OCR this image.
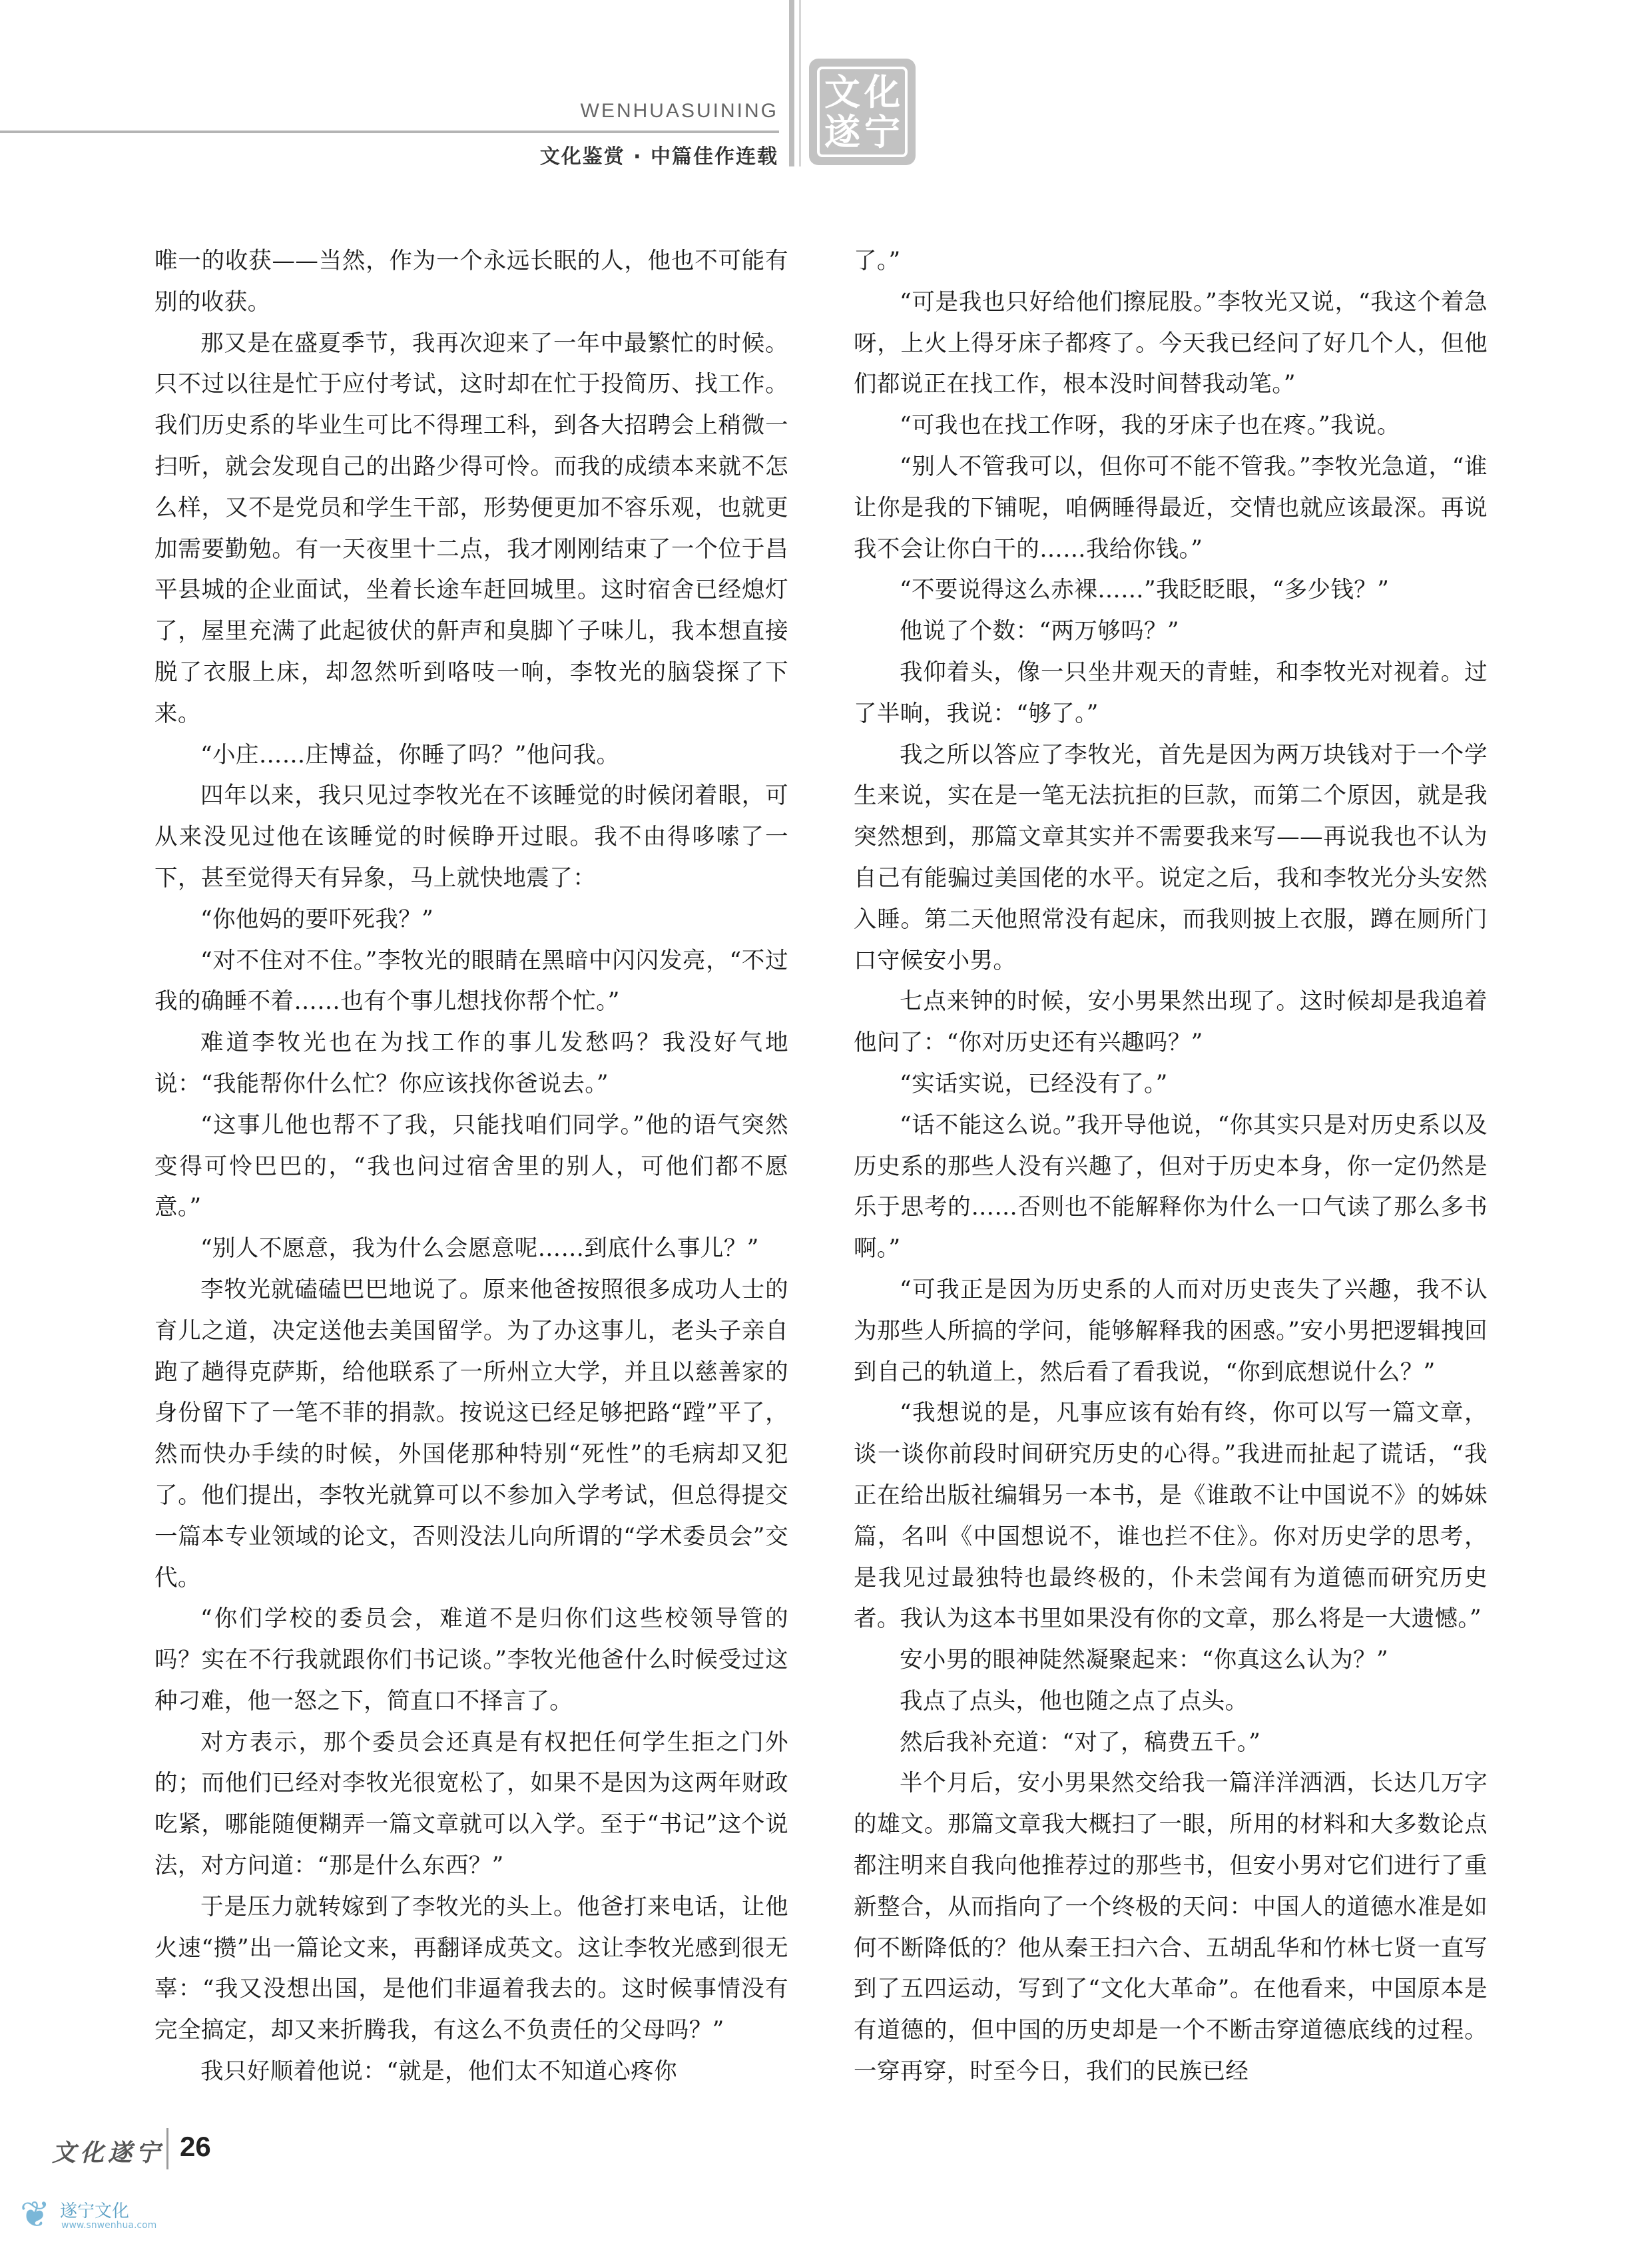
WENHUASUINING
文化鉴赏 · 中篇佳作连载
文 化
遂 宁

唯一的收获——当然，作为一个永远长眠的人，他也不可能有别的收获。

那又是在盛夏季节，我再次迎来了一年中最繁忙的时候。只不过以往是忙于应付考试，这时却在忙于投简历、找工作。我们历史系的毕业生可比不得理工科，到各大招聘会上稍微一扫听，就会发现自己的出路少得可怜。而我的成绩本来就不怎么样，又不是党员和学生干部，形势便更加不容乐观，也就更加需要勤勉。有一天夜里十二点，我才刚刚结束了一个位于昌平县城的企业面试，坐着长途车赶回城里。这时宿舍已经熄灯了，屋里充满了此起彼伏的鼾声和臭脚丫子味儿，我本想直接脱了衣服上床，却忽然听到咯吱一响，李牧光的脑袋探了下来。

“小庄……庄博益，你睡了吗？”他问我。

四年以来，我只见过李牧光在不该睡觉的时候闭着眼，可从来没见过他在该睡觉的时候睁开过眼。我不由得哆嗦了一下，甚至觉得天有异象，马上就快地震了：

“你他妈的要吓死我？”

“对不住对不住。”李牧光的眼睛在黑暗中闪闪发亮，“不过我的确睡不着……也有个事儿想找你帮个忙。”

难道李牧光也在为找工作的事儿发愁吗？我没好气地说：“我能帮你什么忙？你应该找你爸说去。”

“这事儿他也帮不了我，只能找咱们同学。”他的语气突然变得可怜巴巴的，“我也问过宿舍里的别人，可他们都不愿意。”

“别人不愿意，我为什么会愿意呢……到底什么事儿？”

李牧光就磕磕巴巴地说了。原来他爸按照很多成功人士的育儿之道，决定送他去美国留学。为了办这事儿，老头子亲自跑了趟得克萨斯，给他联系了一所州立大学，并且以慈善家的身份留下了一笔不菲的捐款。按说这已经足够把路“蹚”平了，然而快办手续的时候，外国佬那种特别“死性”的毛病却又犯了。他们提出，李牧光就算可以不参加入学考试，但总得提交一篇本专业领域的论文，否则没法儿向所谓的“学术委员会”交代。

“你们学校的委员会，难道不是归你们这些校领导管的吗？实在不行我就跟你们书记谈。”李牧光他爸什么时候受过这种刁难，他一怒之下，简直口不择言了。

对方表示，那个委员会还真是有权把任何学生拒之门外的；而他们已经对李牧光很宽松了，如果不是因为这两年财政吃紧，哪能随便糊弄一篇文章就可以入学。至于“书记”这个说法，对方问道：“那是什么东西？”

于是压力就转嫁到了李牧光的头上。他爸打来电话，让他火速“攒”出一篇论文来，再翻译成英文。这让李牧光感到很无辜：“我又没想出国，是他们非逼着我去的。这时候事情没有完全搞定，却又来折腾我，有这么不负责任的父母吗？”

我只好顺着他说：“就是，他们太不知道心疼你

了。”

“可是我也只好给他们擦屁股。”李牧光又说，“我这个着急呀，上火上得牙床子都疼了。今天我已经问了好几个人，但他们都说正在找工作，根本没时间替我动笔。”

“可我也在找工作呀，我的牙床子也在疼。”我说。

“别人不管我可以，但你可不能不管我。”李牧光急道，“谁让你是我的下铺呢，咱俩睡得最近，交情也就应该最深。再说我不会让你白干的……我给你钱。”

“不要说得这么赤裸……”我眨眨眼，“多少钱？”

他说了个数：“两万够吗？”

我仰着头，像一只坐井观天的青蛙，和李牧光对视着。过了半晌，我说：“够了。”

我之所以答应了李牧光，首先是因为两万块钱对于一个学生来说，实在是一笔无法抗拒的巨款，而第二个原因，就是我突然想到，那篇文章其实并不需要我来写——再说我也不认为自己有能骗过美国佬的水平。说定之后，我和李牧光分头安然入睡。第二天他照常没有起床，而我则披上衣服，蹲在厕所门口守候安小男。

七点来钟的时候，安小男果然出现了。这时候却是我追着他问了：“你对历史还有兴趣吗？”

“实话实说，已经没有了。”

“话不能这么说。”我开导他说，“你其实只是对历史系以及历史系的那些人没有兴趣了，但对于历史本身，你一定仍然是乐于思考的……否则也不能解释你为什么一口气读了那么多书啊。”

“可我正是因为历史系的人而对历史丧失了兴趣，我不认为那些人所搞的学问，能够解释我的困惑。”安小男把逻辑拽回到自己的轨道上，然后看了看我说，“你到底想说什么？”

“我想说的是，凡事应该有始有终，你可以写一篇文章，谈一谈你前段时间研究历史的心得。”我进而扯起了谎话，“我正在给出版社编辑另一本书，是《谁敢不让中国说不》的姊妹篇，名叫《中国想说不，谁也拦不住》。你对历史学的思考，是我见过最独特也最终极的，仆未尝闻有为道德而研究历史者。我认为这本书里如果没有你的文章，那么将是一大遗憾。”

安小男的眼神陡然凝聚起来：“你真这么认为？”

我点了点头，他也随之点了点头。

然后我补充道：“对了，稿费五千。”

半个月后，安小男果然交给我一篇洋洋洒洒，长达几万字的雄文。那篇文章我大概扫了一眼，所用的材料和大多数论点都注明来自我向他推荐过的那些书，但安小男对它们进行了重新整合，从而指向了一个终极的天问：中国人的道德水准是如何不断降低的？他从秦王扫六合、五胡乱华和竹林七贤一直写到了五四运动，写到了“文化大革命”。在他看来，中国原本是有道德的，但中国的历史却是一个不断击穿道德底线的过程。一穿再穿，时至今日，我们的民族已经

文化遂宁 26
❦ 遂宁文化
www.snwenhua.com
